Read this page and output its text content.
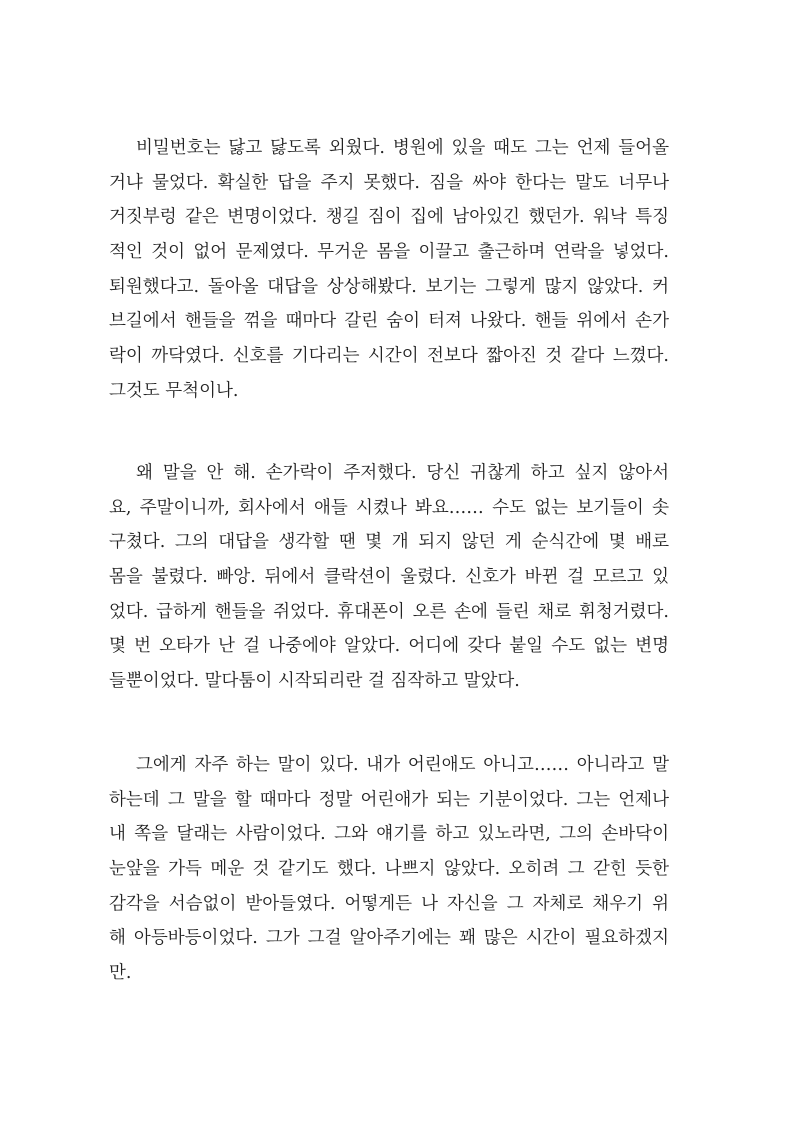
비밀번호는 닳고 닳도록 외웠다. 병원에 있을 때도 그는 언제 들어올
거냐 물었다. 확실한 답을 주지 못했다. 짐을 싸야 한다는 말도 너무나
거짓부렁 같은 변명이었다. 챙길 짐이 집에 남아있긴 했던가. 워낙 특징
적인 것이 없어 문제였다. 무거운 몸을 이끌고 출근하며 연락을 넣었다.
퇴원했다고. 돌아올 대답을 상상해봤다. 보기는 그렇게 많지 않았다. 커
브길에서 핸들을 꺾을 때마다 갈린 숨이 터져 나왔다. 핸들 위에서 손가
락이 까닥였다. 신호를 기다리는 시간이 전보다 짧아진 것 같다 느꼈다.
그것도 무척이나.
왜 말을 안 해. 손가락이 주저했다. 당신 귀찮게 하고 싶지 않아서
요, 주말이니까, 회사에서 애들 시켰나 봐요…… 수도 없는 보기들이 솟
구쳤다. 그의 대답을 생각할 땐 몇 개 되지 않던 게 순식간에 몇 배로
몸을 불렸다. 빠앙. 뒤에서 클락션이 울렸다. 신호가 바뀐 걸 모르고 있
었다. 급하게 핸들을 쥐었다. 휴대폰이 오른 손에 들린 채로 휘청거렸다.
몇 번 오타가 난 걸 나중에야 알았다. 어디에 갖다 붙일 수도 없는 변명
들뿐이었다. 말다툼이 시작되리란 걸 짐작하고 말았다.
그에게 자주 하는 말이 있다. 내가 어린애도 아니고…… 아니라고 말
하는데 그 말을 할 때마다 정말 어린애가 되는 기분이었다. 그는 언제나
내 쪽을 달래는 사람이었다. 그와 얘기를 하고 있노라면, 그의 손바닥이
눈앞을 가득 메운 것 같기도 했다. 나쁘지 않았다. 오히려 그 갇힌 듯한
감각을 서슴없이 받아들였다. 어떻게든 나 자신을 그 자체로 채우기 위
해 아등바등이었다. 그가 그걸 알아주기에는 꽤 많은 시간이 필요하겠지
만.
